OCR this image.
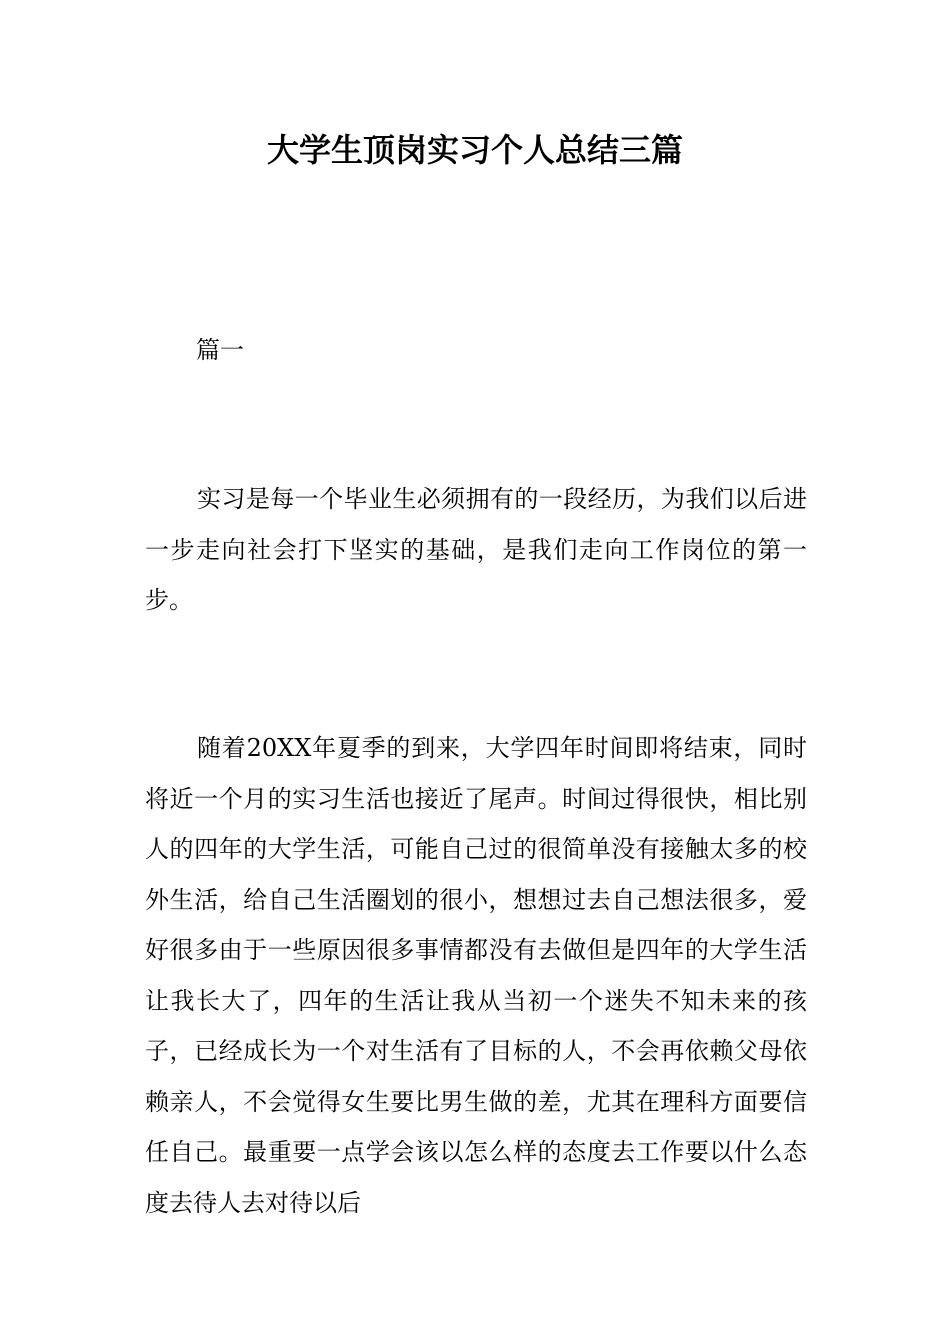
大学生顶岗实习个人总结三篇

篇一

实习是每一个毕业生必须拥有的一段经历，为我们以后进一步走向社会打下坚实的基础，是我们走向工作岗位的第一步。

随着20XX年夏季的到来，大学四年时间即将结束，同时将近一个月的实习生活也接近了尾声。时间过得很快，相比别人的四年的大学生活，可能自己过的很简单没有接触太多的校外生活，给自己生活圈划的很小，想想过去自己想法很多，爱好很多由于一些原因很多事情都没有去做但是四年的大学生活让我长大了，四年的生活让我从当初一个迷失不知未来的孩子，已经成长为一个对生活有了目标的人，不会再依赖父母依赖亲人，不会觉得女生要比男生做的差，尤其在理科方面要信任自己。最重要一点学会该以怎么样的态度去工作要以什么态度去待人去对待以后
